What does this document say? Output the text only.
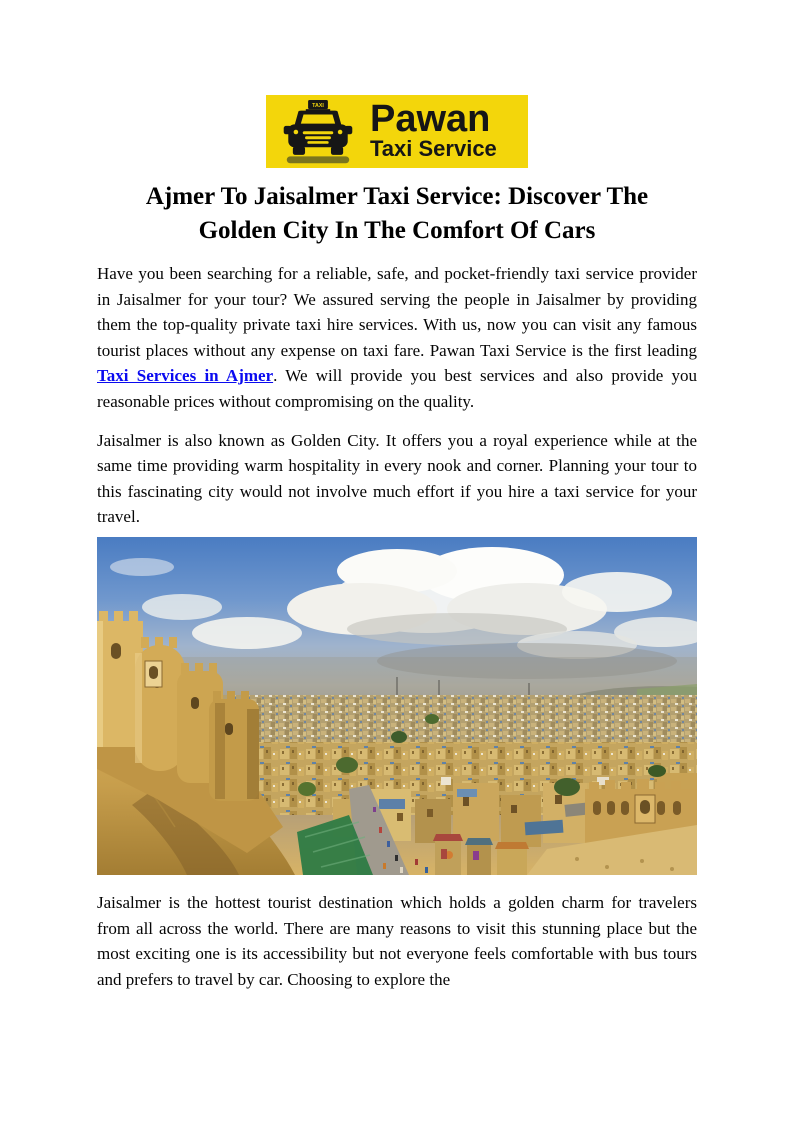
TAXI Pawan
Taxi Service
Ajmer To Jaisalmer Taxi Service: Discover The
Golden City In The Comfort Of Cars

Have you been searching for a reliable, safe, and pocket-friendly taxi service provider in Jaisalmer for your tour? We assured serving the people in Jaisalmer by providing them the top-quality private taxi hire services. With us, now you can visit any famous tourist places without any expense on taxi fare. Pawan Taxi Service is the first leading Taxi Services in Ajmer. We will provide you best services and also provide you reasonable prices without compromising on the quality.

Jaisalmer is also known as Golden City. It offers you a royal experience while at the same time providing warm hospitality in every nook and corner. Planning your tour to this fascinating city would not involve much effort if you hire a taxi service for your travel.

Jaisalmer is the hottest tourist destination which holds a golden charm for travelers from all across the world. There are many reasons to visit this stunning place but the most exciting one is its accessibility but not everyone feels comfortable with bus tours and prefers to travel by car. Choosing to explore the
